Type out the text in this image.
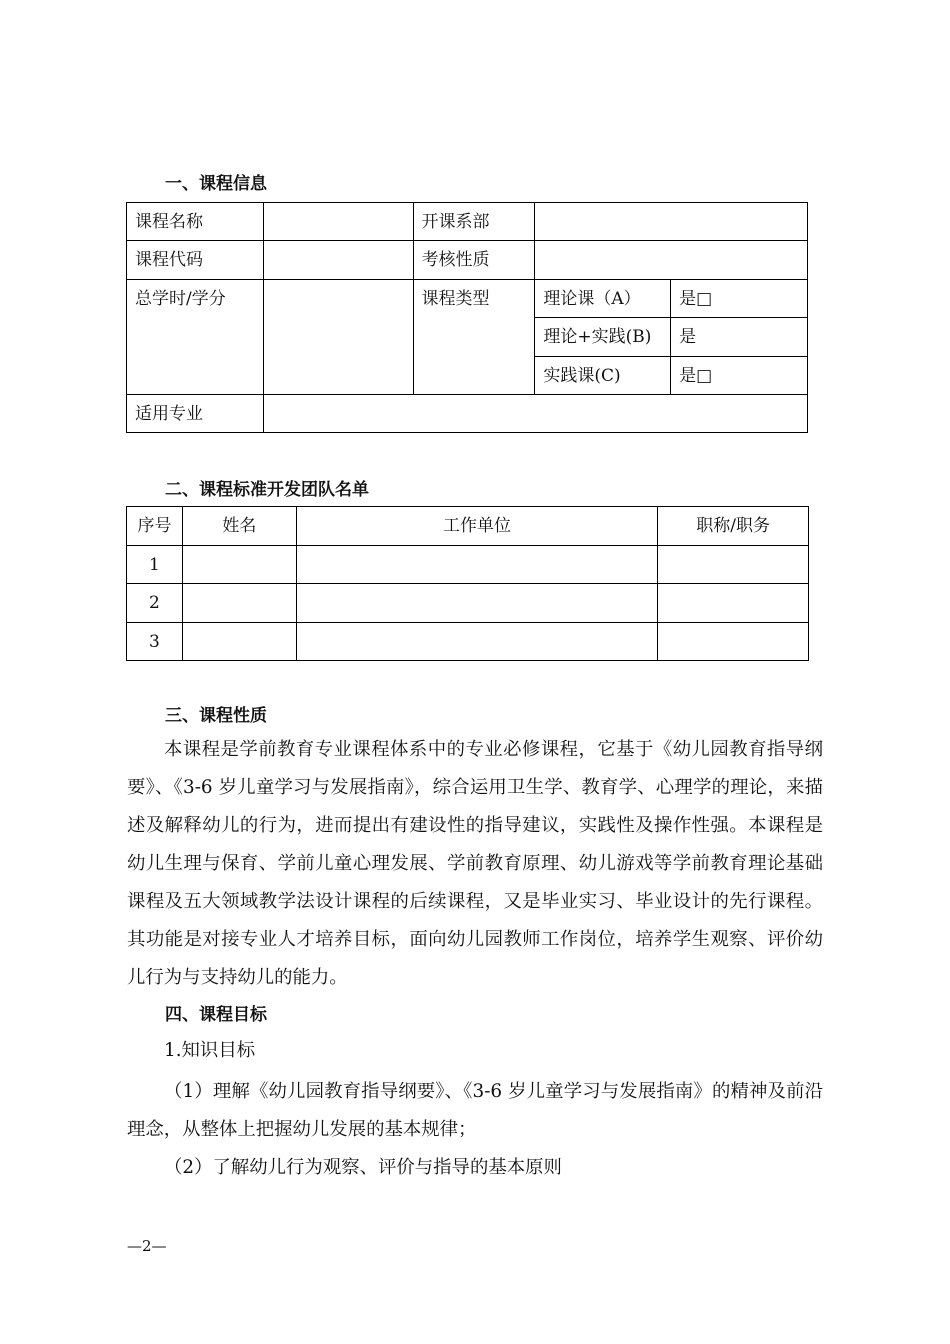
一、课程信息
课程名称		开课系部		
课程代码		考核性质		
总学时/学分		课程类型	理论课（A）	是□
			理论+实践(B)	是
			实践课(C)	是□
适用专业				
二、课程标准开发团队名单
序号	姓名	工作单位	职称/职务
1			
2			
3			
三、课程性质

本课程是学前教育专业课程体系中的专业必修课程，它基于《幼儿园教育指导纲要》、《3-6 岁儿童学习与发展指南》，综合运用卫生学、教育学、心理学的理论，来描述及解释幼儿的行为，进而提出有建设性的指导建议，实践性及操作性强。本课程是幼儿生理与保育、学前儿童心理发展、学前教育原理、幼儿游戏等学前教育理论基础课程及五大领域教学法设计课程的后续课程，又是毕业实习、毕业设计的先行课程。其功能是对接专业人才培养目标，面向幼儿园教师工作岗位，培养学生观察、评价幼儿行为与支持幼儿的能力。

四、课程目标
1.知识目标

（1）理解《幼儿园教育指导纲要》、《3-6 岁儿童学习与发展指南》的精神及前沿理念，从整体上把握幼儿发展的基本规律；

（2）了解幼儿行为观察、评价与指导的基本原则
—2—
